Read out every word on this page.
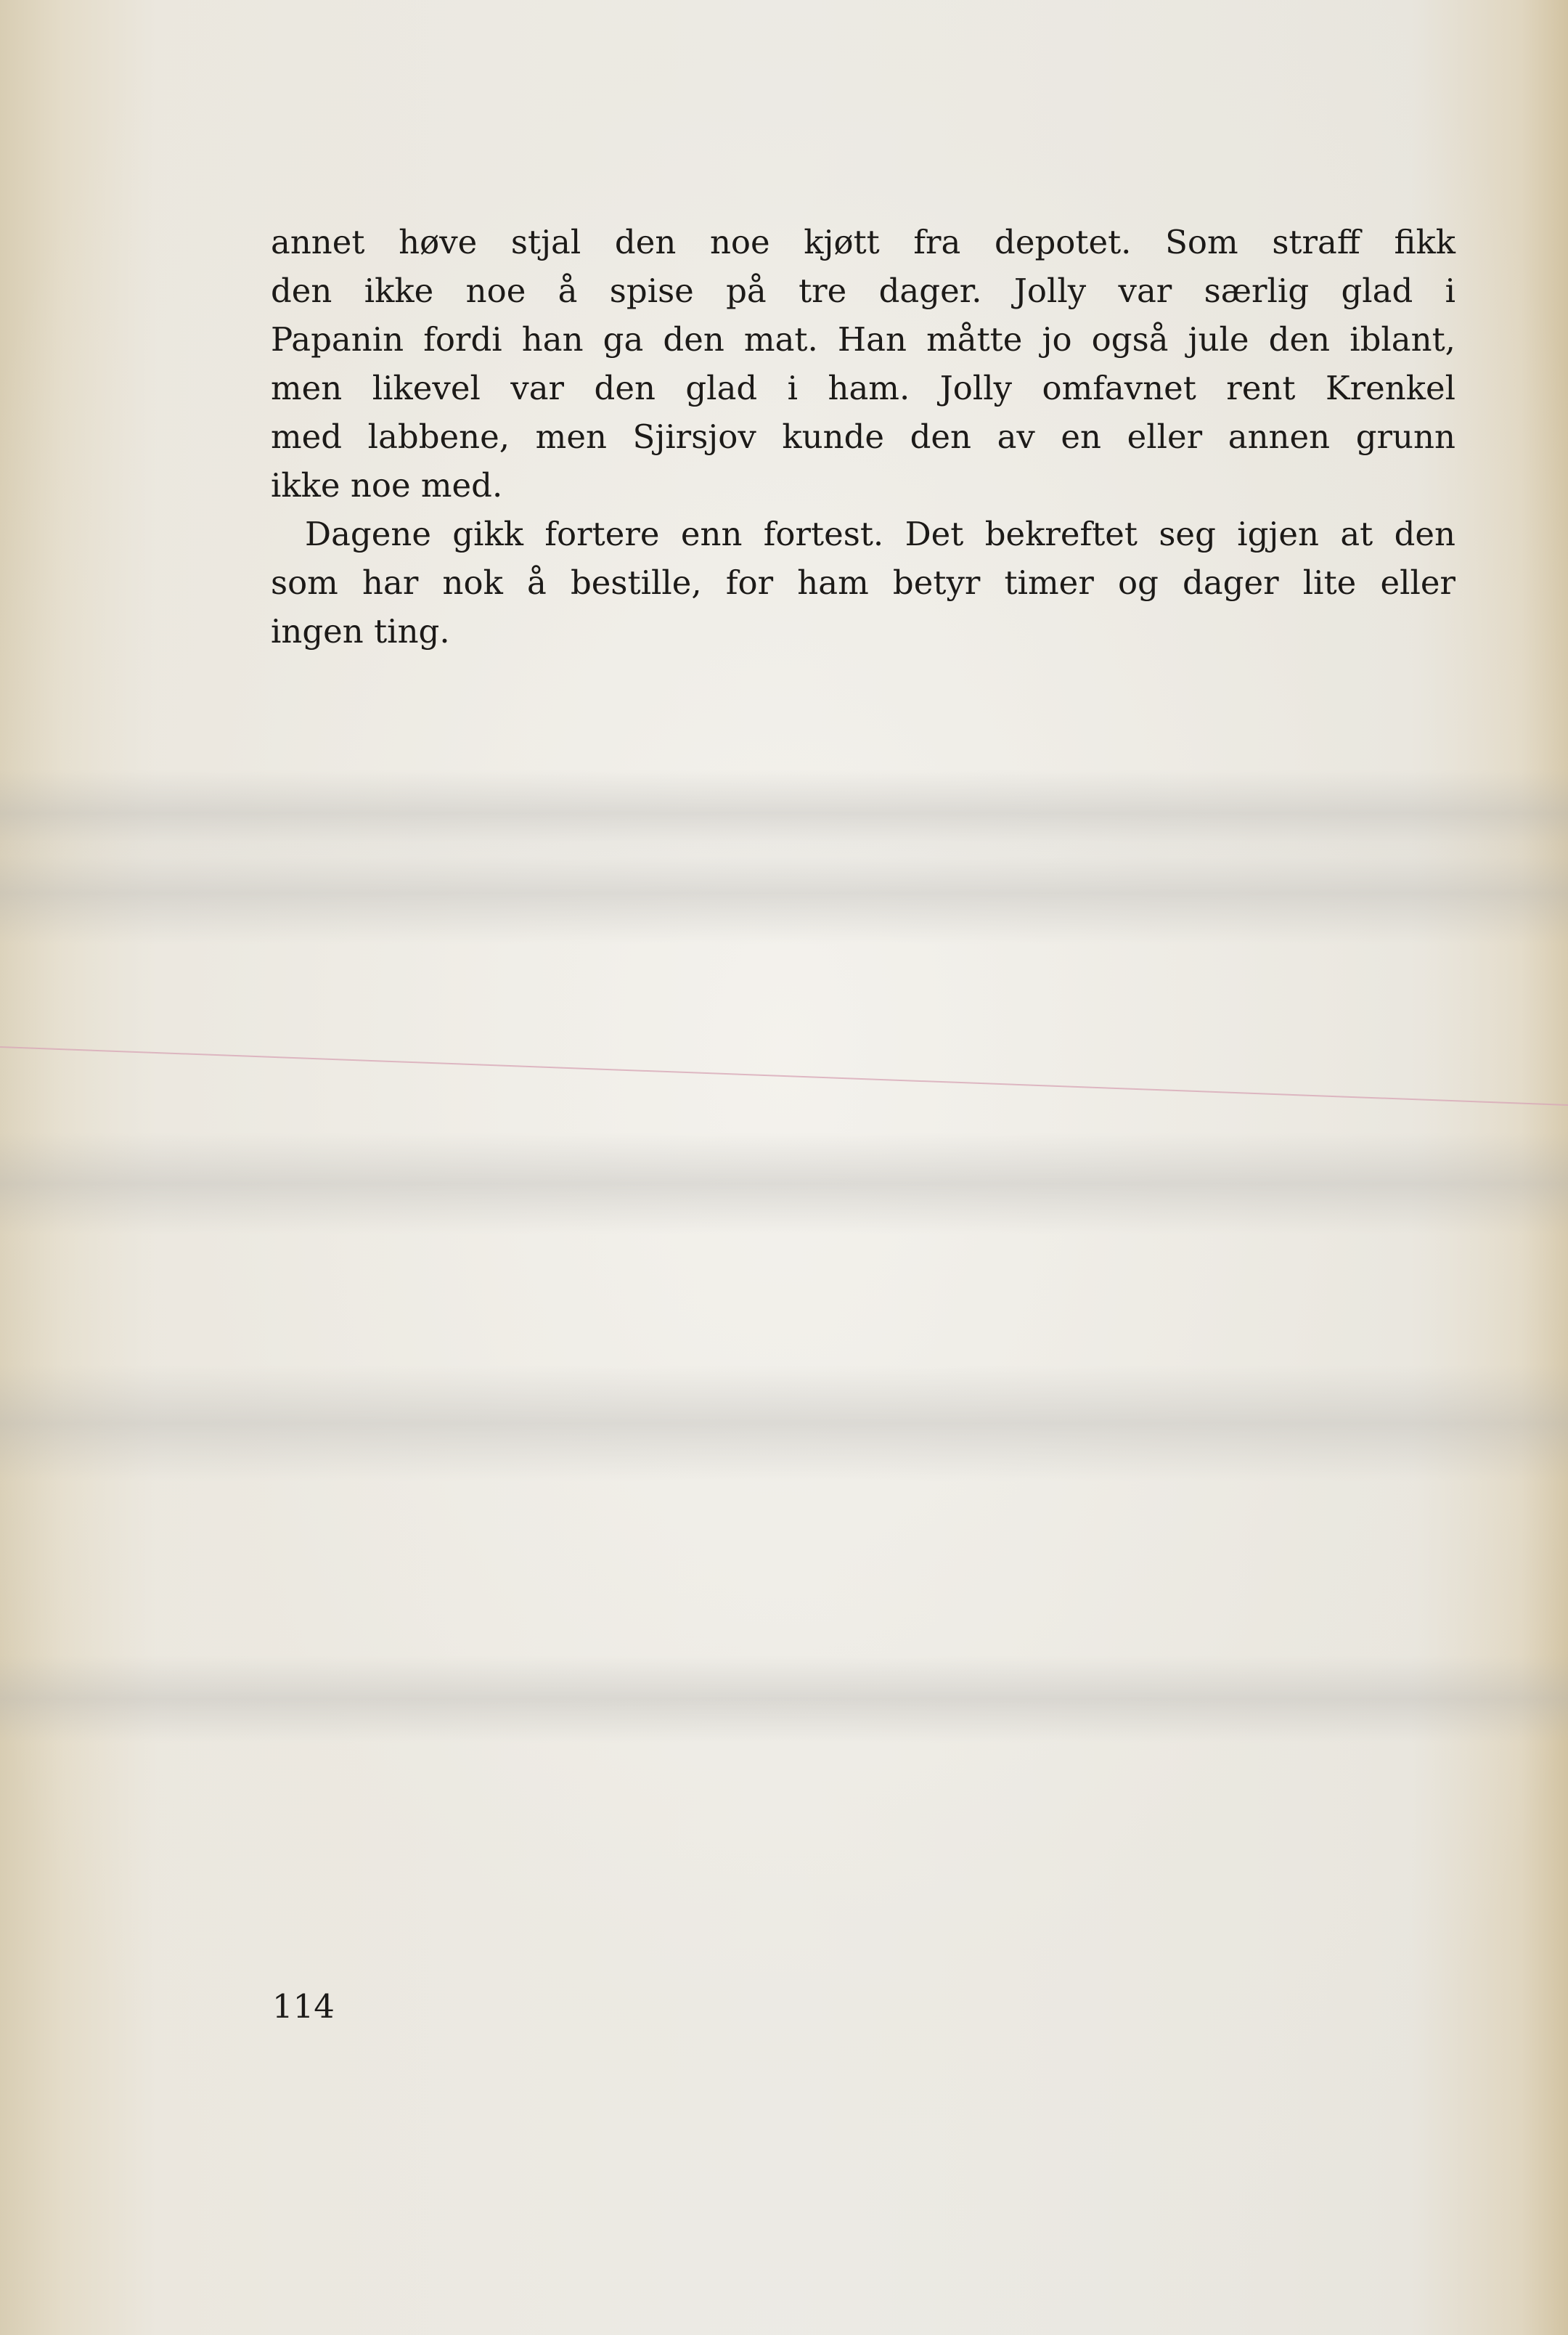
annet høve stjal den noe kjøtt fra depotet. Som straff fikk
den ikke noe å spise på tre dager. Jolly var særlig glad i
Papanin fordi han ga den mat. Han måtte jo også jule den iblant,
men likevel var den glad i ham. Jolly omfavnet rent Krenkel
med labbene, men Sjirsjov kunde den av en eller annen grunn
ikke noe med.
Dagene gikk fortere enn fortest. Det bekreftet seg igjen at den
som har nok å bestille, for ham betyr timer og dager lite eller
ingen ting.
114
